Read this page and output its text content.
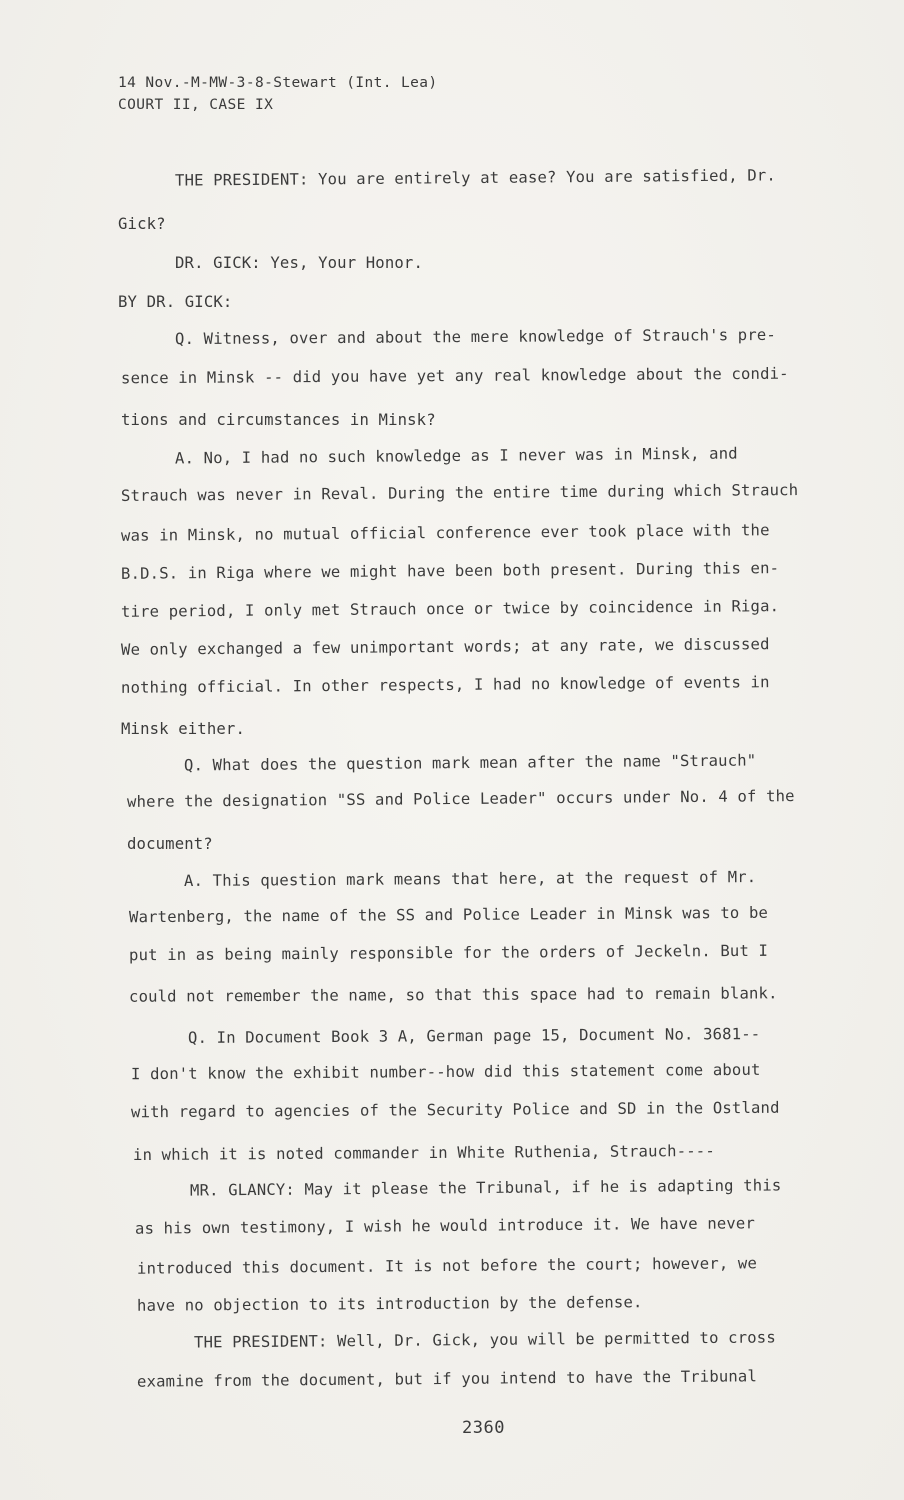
14 Nov.-M-MW-3-8-Stewart (Int. Lea)
COURT II, CASE IX
THE PRESIDENT: You are entirely at ease? You are satisfied, Dr.
Gick?
DR. GICK: Yes, Your Honor.
BY DR. GICK:
Q. Witness, over and about the mere knowledge of Strauch's pre-
sence in Minsk -- did you have yet any real knowledge about the condi-
tions and circumstances in Minsk?
A. No, I had no such knowledge as I never was in Minsk, and
Strauch was never in Reval. During the entire time during which Strauch
was in Minsk, no mutual official conference ever took place with the
B.D.S. in Riga where we might have been both present. During this en-
tire period, I only met Strauch once or twice by coincidence in Riga.
We only exchanged a few unimportant words; at any rate, we discussed
nothing official. In other respects, I had no knowledge of events in
Minsk either.
Q. What does the question mark mean after the name "Strauch"
where the designation "SS and Police Leader" occurs under No. 4 of the
document?
A. This question mark means that here, at the request of Mr.
Wartenberg, the name of the SS and Police Leader in Minsk was to be
put in as being mainly responsible for the orders of Jeckeln. But I
could not remember the name, so that this space had to remain blank.
Q. In Document Book 3 A, German page 15, Document No. 3681--
I don't know the exhibit number--how did this statement come about
with regard to agencies of the Security Police and SD in the Ostland
in which it is noted commander in White Ruthenia, Strauch----
MR. GLANCY: May it please the Tribunal, if he is adapting this
as his own testimony, I wish he would introduce it. We have never
introduced this document. It is not before the court; however, we
have no objection to its introduction by the defense.
THE PRESIDENT: Well, Dr. Gick, you will be permitted to cross
examine from the document, but if you intend to have the Tribunal
2360
